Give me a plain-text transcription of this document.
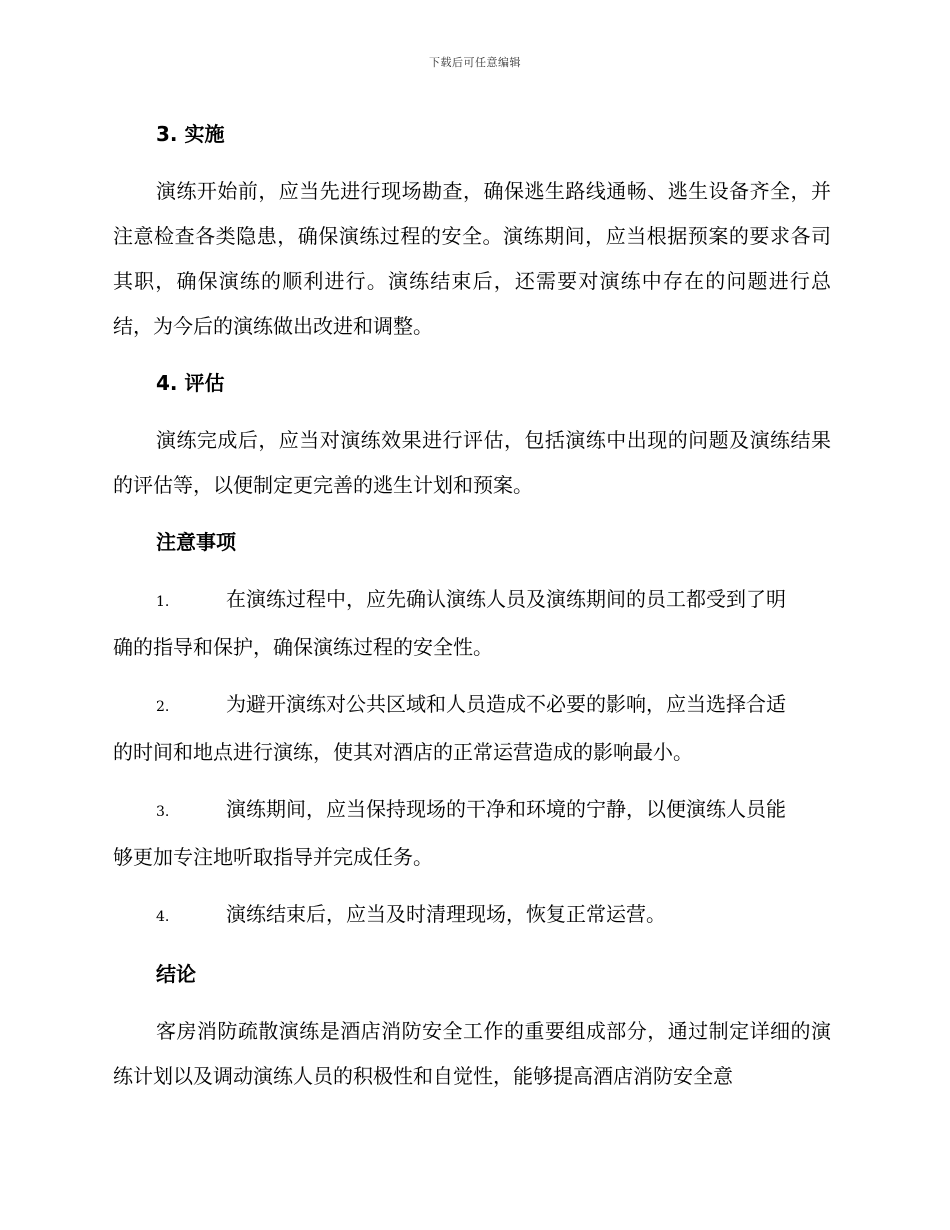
下载后可任意编辑
3. 实施
演练开始前，应当先进行现场勘查，确保逃生路线通畅、逃生设备齐全，并注意检查各类隐患，确保演练过程的安全。演练期间，应当根据预案的要求各司其职，确保演练的顺利进行。演练结束后，还需要对演练中存在的问题进行总结，为今后的演练做出改进和调整。
4. 评估
演练完成后，应当对演练效果进行评估，包括演练中出现的问题及演练结果的评估等，以便制定更完善的逃生计划和预案。
注意事项
1.	在演练过程中，应先确认演练人员及演练期间的员工都受到了明
确的指导和保护，确保演练过程的安全性。
2.	为避开演练对公共区域和人员造成不必要的影响，应当选择合适
的时间和地点进行演练，使其对酒店的正常运营造成的影响最小。
3.	演练期间，应当保持现场的干净和环境的宁静，以便演练人员能
够更加专注地听取指导并完成任务。
4.	演练结束后，应当及时清理现场，恢复正常运营。
结论
客房消防疏散演练是酒店消防安全工作的重要组成部分，通过制定详细的演练计划以及调动演练人员的积极性和自觉性，能够提高酒店消防安全意
